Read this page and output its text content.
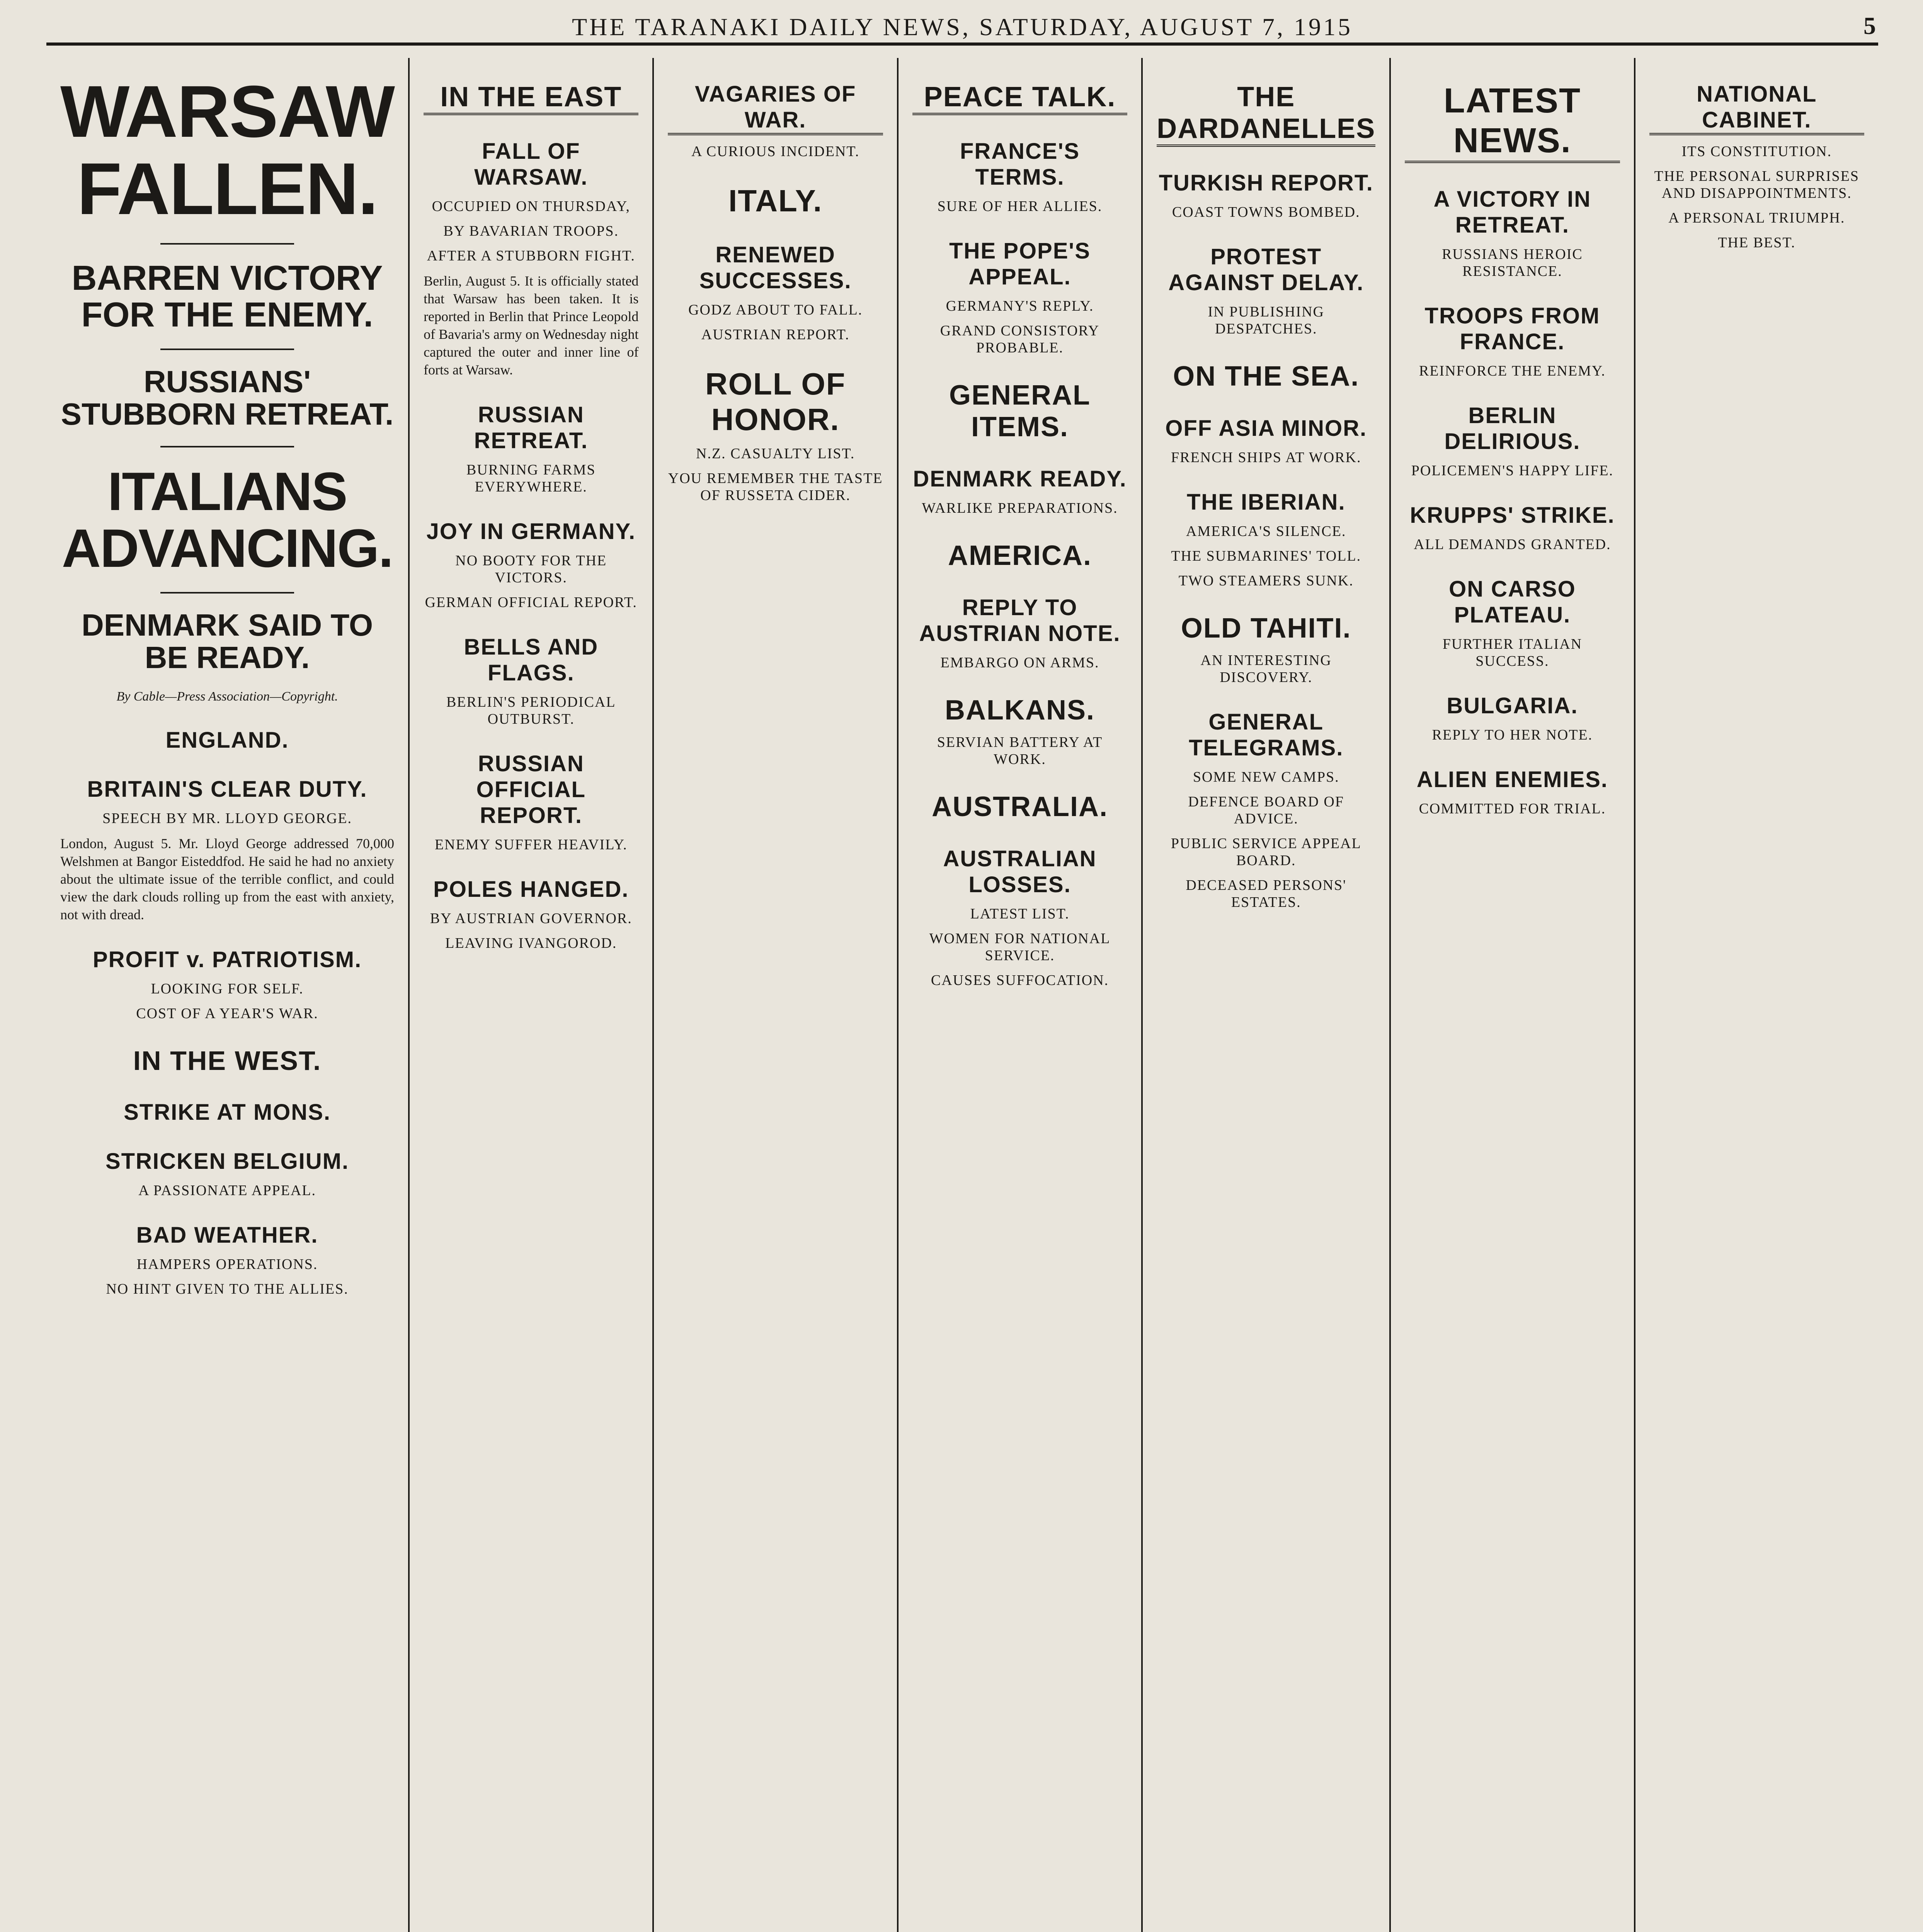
THE TARANAKI DAILY NEWS, SATURDAY, AUGUST 7, 1915	5
WARSAW FALLEN.
BARREN VICTORY FOR THE ENEMY.
RUSSIANS' STUBBORN RETREAT.
ITALIANS ADVANCING.
DENMARK SAID TO BE READY.
By Cable—Press Association—Copyright.
ENGLAND.
BRITAIN'S CLEAR DUTY.
SPEECH BY MR. LLOYD GEORGE.
London, August 5. Mr. Lloyd George addressed 70,000 Welshmen at Bangor Eisteddfod. He said he had no anxiety about the ultimate issue of the terrible conflict, and could view the dark clouds rolling up from the east with anxiety, not with dread.
PROFIT v. PATRIOTISM.
LOOKING FOR SELF.
COST OF A YEAR'S WAR.
IN THE WEST.
STRIKE AT MONS.
STRICKEN BELGIUM.
A PASSIONATE APPEAL.
BAD WEATHER.
HAMPERS OPERATIONS.
NO HINT GIVEN TO THE ALLIES.
IN THE EAST
FALL OF WARSAW.
OCCUPIED ON THURSDAY,
BY BAVARIAN TROOPS.
AFTER A STUBBORN FIGHT.
Berlin, August 5. It is officially stated that Warsaw has been taken. It is reported in Berlin that Prince Leopold of Bavaria's army on Wednesday night captured the outer and inner line of forts at Warsaw.
RUSSIAN RETREAT.
BURNING FARMS EVERYWHERE.
JOY IN GERMANY.
NO BOOTY FOR THE VICTORS.
GERMAN OFFICIAL REPORT.
BELLS AND FLAGS.
BERLIN'S PERIODICAL OUTBURST.
RUSSIAN OFFICIAL REPORT.
ENEMY SUFFER HEAVILY.
POLES HANGED.
BY AUSTRIAN GOVERNOR.
LEAVING IVANGOROD.
VAGARIES OF WAR.
A CURIOUS INCIDENT.
ITALY.
RENEWED SUCCESSES.
GODZ ABOUT TO FALL.
AUSTRIAN REPORT.
ROLL OF HONOR.
N.Z. CASUALTY LIST.
YOU REMEMBER THE TASTE OF RUSSETA CIDER.
PEACE TALK.
FRANCE'S TERMS.
SURE OF HER ALLIES.
THE POPE'S APPEAL.
GERMANY'S REPLY.
GRAND CONSISTORY PROBABLE.
GENERAL ITEMS.
DENMARK READY.
WARLIKE PREPARATIONS.
AMERICA.
REPLY TO AUSTRIAN NOTE.
EMBARGO ON ARMS.
BALKANS.
SERVIAN BATTERY AT WORK.
AUSTRALIA.
AUSTRALIAN LOSSES.
LATEST LIST.
WOMEN FOR NATIONAL SERVICE.
CAUSES SUFFOCATION.
THE DARDANELLES
TURKISH REPORT.
COAST TOWNS BOMBED.
PROTEST AGAINST DELAY.
IN PUBLISHING DESPATCHES.
ON THE SEA.
OFF ASIA MINOR.
FRENCH SHIPS AT WORK.
THE IBERIAN.
AMERICA'S SILENCE.
THE SUBMARINES' TOLL.
TWO STEAMERS SUNK.
OLD TAHITI.
AN INTERESTING DISCOVERY.
GENERAL TELEGRAMS.
SOME NEW CAMPS.
DEFENCE BOARD OF ADVICE.
PUBLIC SERVICE APPEAL BOARD.
DECEASED PERSONS' ESTATES.
LATEST NEWS.
A VICTORY IN RETREAT.
RUSSIANS HEROIC RESISTANCE.
TROOPS FROM FRANCE.
REINFORCE THE ENEMY.
BERLIN DELIRIOUS.
POLICEMEN'S HAPPY LIFE.
KRUPPS' STRIKE.
ALL DEMANDS GRANTED.
ON CARSO PLATEAU.
FURTHER ITALIAN SUCCESS.
BULGARIA.
REPLY TO HER NOTE.
ALIEN ENEMIES.
COMMITTED FOR TRIAL.
NATIONAL CABINET.
ITS CONSTITUTION.
THE PERSONAL SURPRISES AND DISAPPOINTMENTS.
A PERSONAL TRIUMPH.
THE BEST.
